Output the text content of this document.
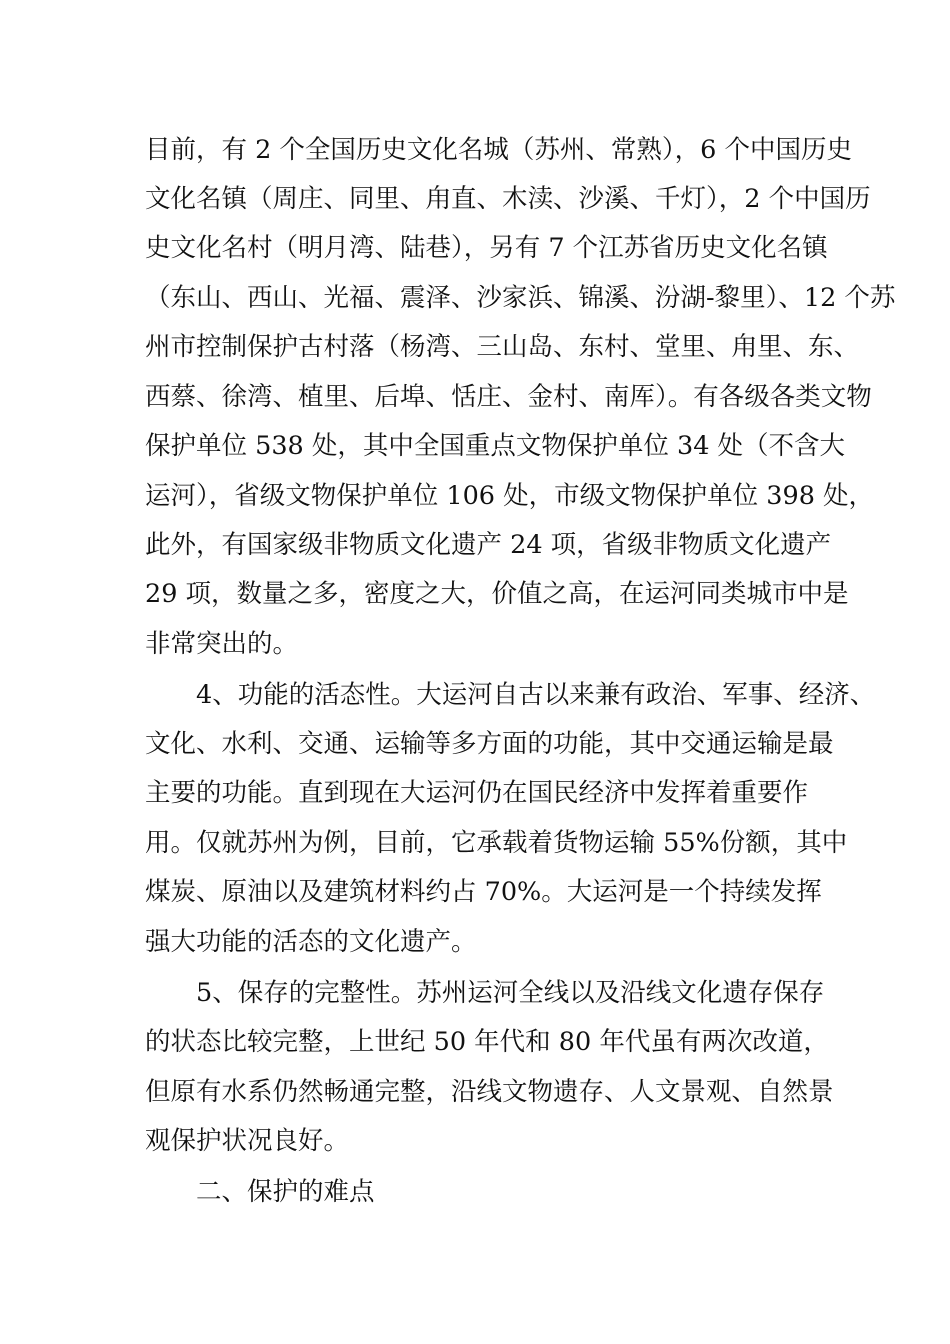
目前，有 2 个全国历史文化名城（苏州、常熟），6 个中国历史
文化名镇（周庄、同里、甪直、木渎、沙溪、千灯），2 个中国历
史文化名村（明月湾、陆巷），另有 7 个江苏省历史文化名镇
（东山、西山、光福、震泽、沙家浜、锦溪、汾湖-黎里）、12 个苏
州市控制保护古村落（杨湾、三山岛、东村、堂里、甪里、东、
西蔡、徐湾、植里、后埠、恬庄、金村、南厍）。有各级各类文物
保护单位 538 处，其中全国重点文物保护单位 34 处（不含大
运河），省级文物保护单位 106 处，市级文物保护单位 398 处，
此外，有国家级非物质文化遗产 24 项，省级非物质文化遗产
29 项，数量之多，密度之大，价值之高，在运河同类城市中是
非常突出的。
4、功能的活态性。大运河自古以来兼有政治、军事、经济、
文化、水利、交通、运输等多方面的功能，其中交通运输是最
主要的功能。直到现在大运河仍在国民经济中发挥着重要作
用。仅就苏州为例，目前，它承载着货物运输 55%份额，其中
煤炭、原油以及建筑材料约占 70%。大运河是一个持续发挥
强大功能的活态的文化遗产。
5、保存的完整性。苏州运河全线以及沿线文化遗存保存
的状态比较完整，上世纪 50 年代和 80 年代虽有两次改道，
但原有水系仍然畅通完整，沿线文物遗存、人文景观、自然景
观保护状况良好。
二、保护的难点
